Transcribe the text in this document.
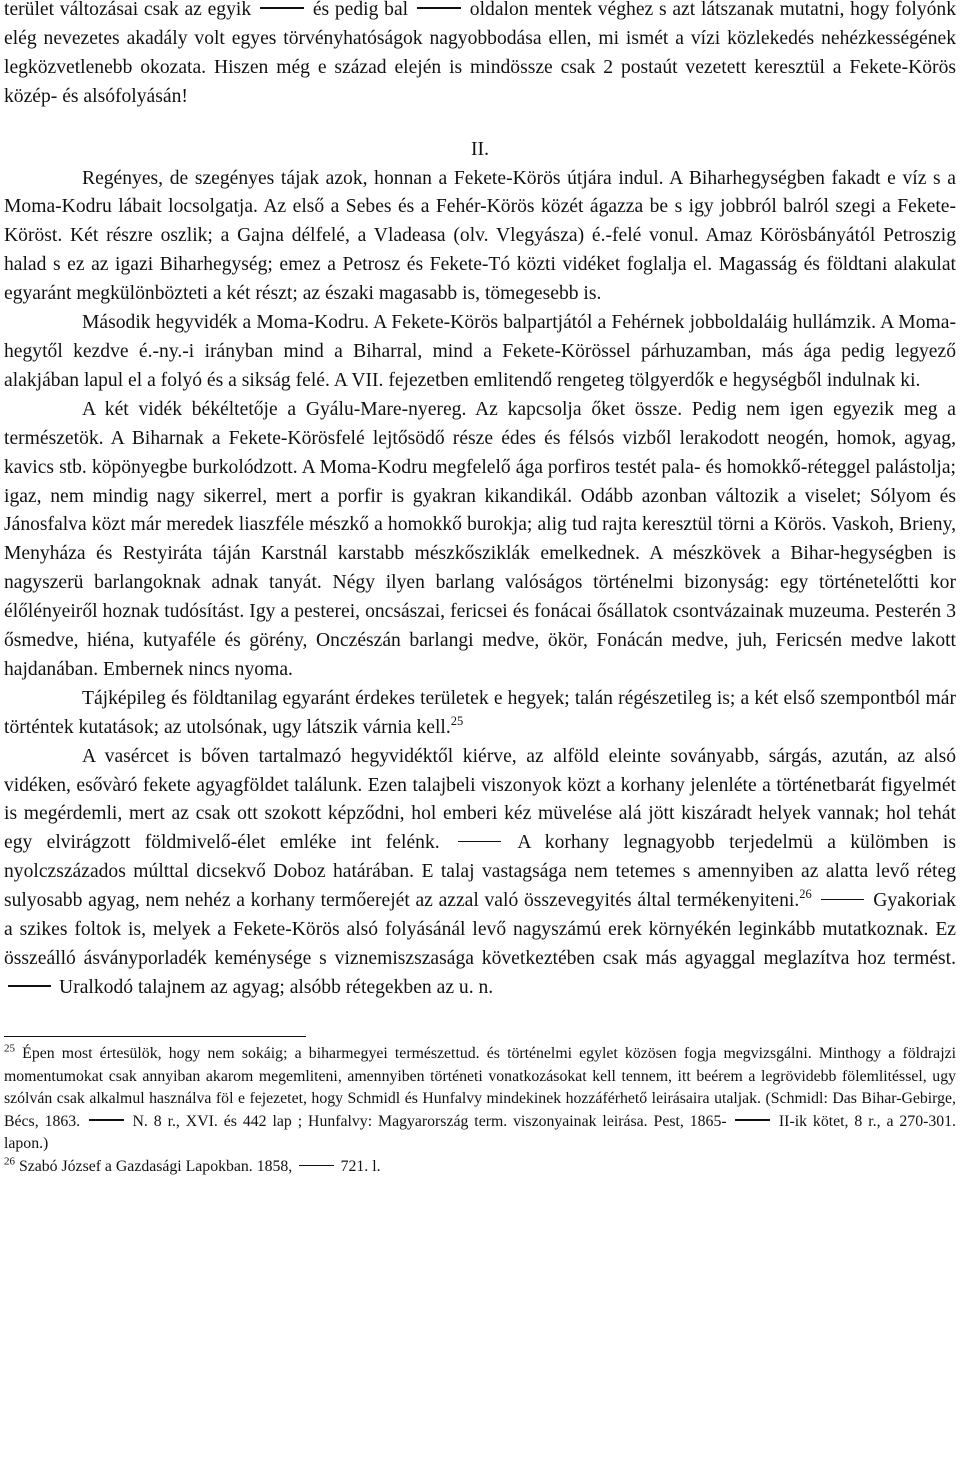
terület változásai csak az egyik	és pedig bal	oldalon mentek véghez s azt látszanak mutatni, hogy folyónk elég nevezetes akadály volt egyes törvényhatóságok nagyobbodása ellen, mi ismét a vízi közlekedés nehézkességének legközvetlenebb okozata. Hiszen még e század elején is mindössze csak 2 postaút vezetett keresztül a Fekete-Körös közép- és alsófolyásán!

II.

Regényes, de szegényes tájak azok, honnan a Fekete-Körös útjára indul. A Biharhegységben fakadt e víz s a Moma-Kodru lábait locsolgatja. Az első a Sebes és a Fehér-Körös közét ágazza be s igy jobbról balról szegi a Fekete-Köröst. Két részre oszlik; a Gajna délfelé, a Vladeasa (olv. Vlegyásza) é.-felé vonul. Amaz Körösbányától Petroszig halad s ez az igazi Biharhegység; emez a Petrosz és Fekete-Tó közti vidéket foglalja el. Magasság és földtani alakulat egyaránt megkülönbözteti a két részt; az északi magasabb is, tömegesebb is.

Második hegyvidék a Moma-Kodru. A Fekete-Körös balpartjától a Fehérnek jobboldaláig hullámzik. A Moma-hegytől kezdve é.-ny.-i irányban mind a Biharral, mind a Fekete-Körössel párhuzamban, más ága pedig legyező alakjában lapul el a folyó és a sikság felé. A VII. fejezetben emlitendő rengeteg tölgyerdők e hegységből indulnak ki.

A két vidék békéltetője a Gyálu-Mare-nyereg. Az kapcsolja őket össze. Pedig nem igen egyezik meg a természetök. A Biharnak a Fekete-Körösfelé lejtősödő része édes és félsós vizből lerakodott neogén, homok, agyag, kavics stb. köpönyegbe burkolódzott. A Moma-Kodru megfelelő ága porfiros testét pala- és homokkő-réteggel palástolja; igaz, nem mindig nagy sikerrel, mert a porfir is gyakran kikandikál. Odább azonban változik a viselet; Sólyom és Jánosfalva közt már meredek liaszféle mészkő a homokkő burokja; alig tud rajta keresztül törni a Körös. Vaskoh, Brieny, Menyháza és Restyiráta táján Karstnál karstabb mészkősziklák emelkednek. A mészkövek a Bihar-hegységben is nagyszerü barlangoknak adnak tanyát. Négy ilyen barlang valóságos történelmi bizonyság: egy történetelőtti kor élőlényeiről hoznak tudósítást. Igy a pesterei, oncsászai, fericsei és fonácai ősállatok csontvázainak muzeuma. Pesterén 3 ősmedve, hiéna, kutyaféle és görény, Onczészán barlangi medve, ökör, Fonácán medve, juh, Fericsén medve lakott hajdanában. Embernek nincs nyoma.

Tájképileg és földtanilag egyaránt érdekes területek e hegyek; talán régészetileg is; a két első szempontból már történtek kutatások; az utolsónak, ugy látszik várnia kell.$^{25}$

A vasércet is bőven tartalmazó hegyvidéktől kiérve, az alföld eleinte soványabb, sárgás, azután, az alsó vidéken, esővàró fekete agyagföldet találunk. Ezen talajbeli viszonyok közt a korhany jelenléte a történetbarát figyelmét is megérdemli, mert az csak ott szokott képződni, hol emberi kéz müvelése alá jött kiszáradt helyek vannak; hol tehát egy elvirágzott földmivelő-élet emléke int felénk.	A korhany legnagyobb terjedelmü a külömben is nyolczszázados múlttal dicsekvő Doboz határában. E talaj vastagsága nem tetemes s amennyiben az alatta levő réteg sulyosabb agyag, nem nehéz a korhany termőerejét az azzal való összevegyités által termékenyiteni.$^{26}$	Gyakoriak a szikes foltok is, melyek a Fekete-Körös alsó folyásánál levő nagyszámú erek környékén leginkább mutatkoznak. Ez összeálló ásványporladék keménysége s viznemiszszasága következtében csak más agyaggal meglazítva hoz termést.  Uralkodó talajnem az agyag; alsóbb rétegekben az u. n.

$^{25}$ Épen most értesülök, hogy nem sokáig; a biharmegyei természettud. és történelmi egylet közösen fogja megvizsgálni. Minthogy a földrajzi momentumokat csak annyiban akarom megemliteni, amennyiben történeti vonatkozásokat kell tennem, itt beérem a legrövidebb fölemlitéssel, ugy szólván csak alkalmul használva föl e fejezetet, hogy Schmidl és Hunfalvy mindekinek hozzáférhető leirásaira utaljak. (Schmidl: Das Bihar-Gebirge, Bécs, 1863.	N. 8 r., XVI. és 442 lap ; Hunfalvy: Magyarország term. viszonyainak leirása. Pest, 1865-	II-ik kötet, 8 r., a 270-301. lapon.)

$^{26}$ Szabó József a Gazdasági Lapokban. 1858,	721. l.
